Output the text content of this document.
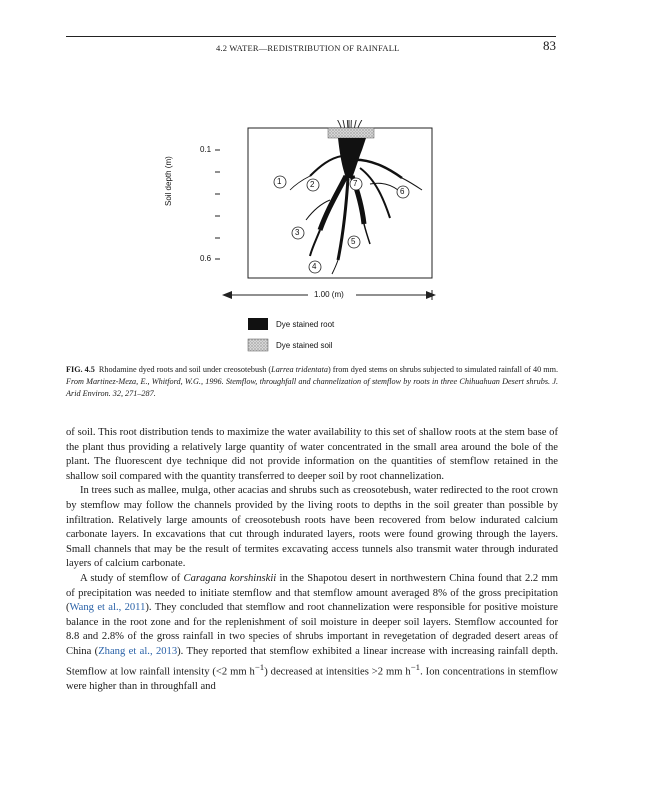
4.2 WATER—REDISTRIBUTION OF RAINFALL	83
Soil depth (m)
0.1
0.6
1	2
3
4
5
6
7
1.00 (m)
Dye stained root
Dye stained soil
FIG. 4.5 Rhodamine dyed roots and soil under creosotebush (Larrea tridentata) from dyed stems on shrubs subjected to simulated rainfall of 40 mm. From Martinez-Meza, E., Whitford, W.G., 1996. Stemflow, throughfall and channelization of stemflow by roots in three Chihuahuan Desert shrubs. J. Arid Environ. 32, 271–287.

of soil. This root distribution tends to maximize the water availability to this set of shallow roots at the stem base of the plant thus providing a relatively large quantity of water concentrated in the small area around the bole of the plant. The fluorescent dye technique did not provide information on the quantities of stemflow retained in the shallow soil compared with the quantity transferred to deeper soil by root channelization.

In trees such as mallee, mulga, other acacias and shrubs such as creosotebush, water redirected to the root crown by stemflow may follow the channels provided by the living roots to depths in the soil greater than possible by infiltration. Relatively large amounts of creosotebush roots have been recovered from below indurated calcium carbonate layers. In excavations that cut through indurated layers, roots were found growing through the layers. Small channels that may be the result of termites excavating access tunnels also transmit water through indurated layers of calcium carbonate.

A study of stemflow of Caragana korshinskii in the Shapotou desert in northwestern China found that 2.2 mm of precipitation was needed to initiate stemflow and that stemflow amount averaged 8% of the gross precipitation (Wang et al., 2011). They concluded that stemflow and root channelization were responsible for positive moisture balance in the root zone and for the replenishment of soil moisture in deeper soil layers. Stemflow accounted for 8.8 and 2.8% of the gross rainfall in two species of shrubs important in revegetation of degraded desert areas of China (Zhang et al., 2013). They reported that stemflow exhibited a linear increase with increasing rainfall depth. Stemflow at low rainfall intensity (<2 mm $h^{-1}$) decreased at intensities >2 mm $h^{-1}$. Ion concentrations in stemflow were higher than in throughfall and
